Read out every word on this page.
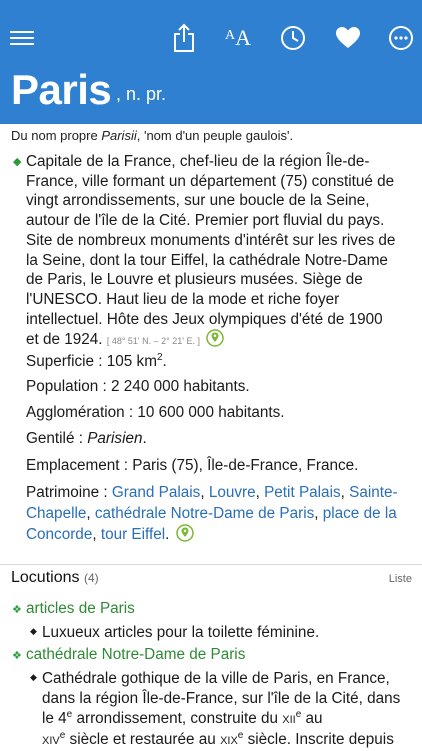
AA
Paris , n. pr.
Du nom propre Parisii, 'nom d'un peuple gaulois'.
◆ Capitale de la France, chef-lieu de la région Île-de-
France, ville formant un département (75) constitué de
vingt arrondissements, sur une boucle de la Seine,
autour de l'île de la Cité. Premier port fluvial du pays.
Site de nombreux monuments d'intérêt sur les rives de
la Seine, dont la tour Eiffel, la cathédrale Notre-Dame
de Paris, le Louvre et plusieurs musées. Siège de
l'UNESCO. Haut lieu de la mode et riche foyer
intellectuel. Hôte des Jeux olympiques d'été de 1900
et de 1924. [ 48° 51' N. – 2° 21' E. ]
Superficie : 105 $km^2$.
Population : 2 240 000 habitants.
Agglomération : 10 600 000 habitants.
Gentilé : Parisien.
Emplacement : Paris (75), Île-de-France, France.
Patrimoine : Grand Palais, Louvre, Petit Palais, Sainte-
Chapelle, cathédrale Notre-Dame de Paris, place de la
Concorde, tour Eiffel.
Locutions (4)	Liste
❖ articles de Paris
◆ Luxueux articles pour la toilette féminine.
❖ cathédrale Notre-Dame de Paris
◆ Cathédrale gothique de la ville de Paris, en France,
dans la région Île-de-France, sur l'île de la Cité, dans
le 4e arrondissement, construite du XIIe au
XIVe siècle et restaurée au XIXe siècle. Inscrite depuis
